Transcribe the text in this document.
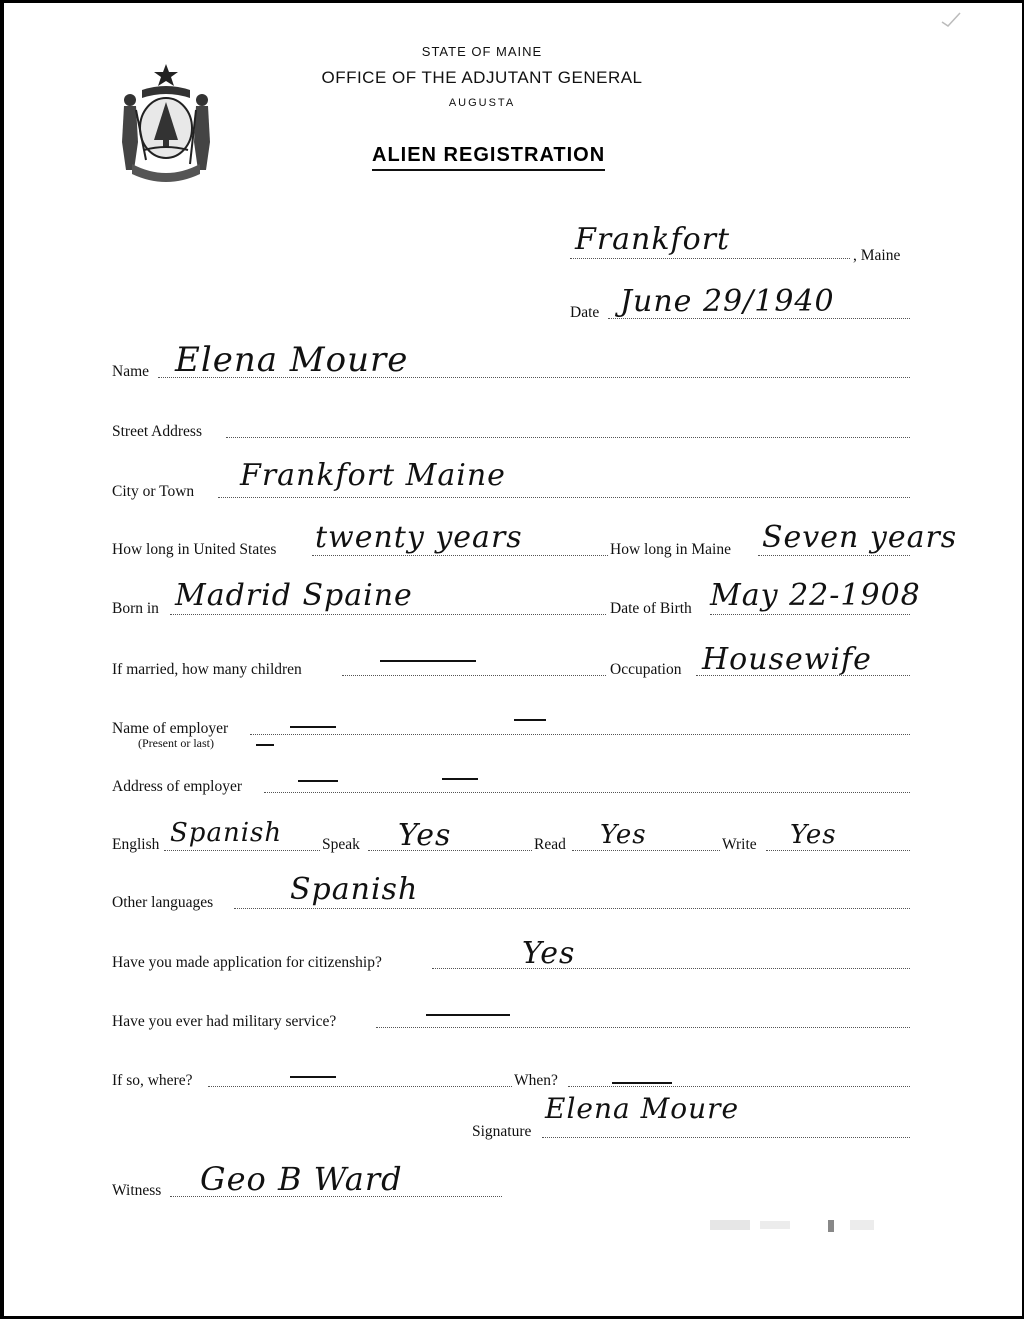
STATE OF MAINE
OFFICE OF THE ADJUTANT GENERAL
AUGUSTA
ALIEN REGISTRATION
Frankfort	, Maine
Date June 29/1940
Name Elena Moure
Street Address
City or Town Frankfort Maine
How long in United States twenty years	How long in Maine Seven years
Born in Madrid Spaine	Date of Birth May 22-1908
If married, how many children	Occupation Housewife
Name of employer
(Present or last)
Address of employer
English Spanish	Speak Yes	Read Yes	Write Yes
Other languages	Spanish
Have you made application for citizenship?	Yes
Have you ever had military service?
If so, where?	When?
Signature
Elena Moure
Witness Geo B Ward
